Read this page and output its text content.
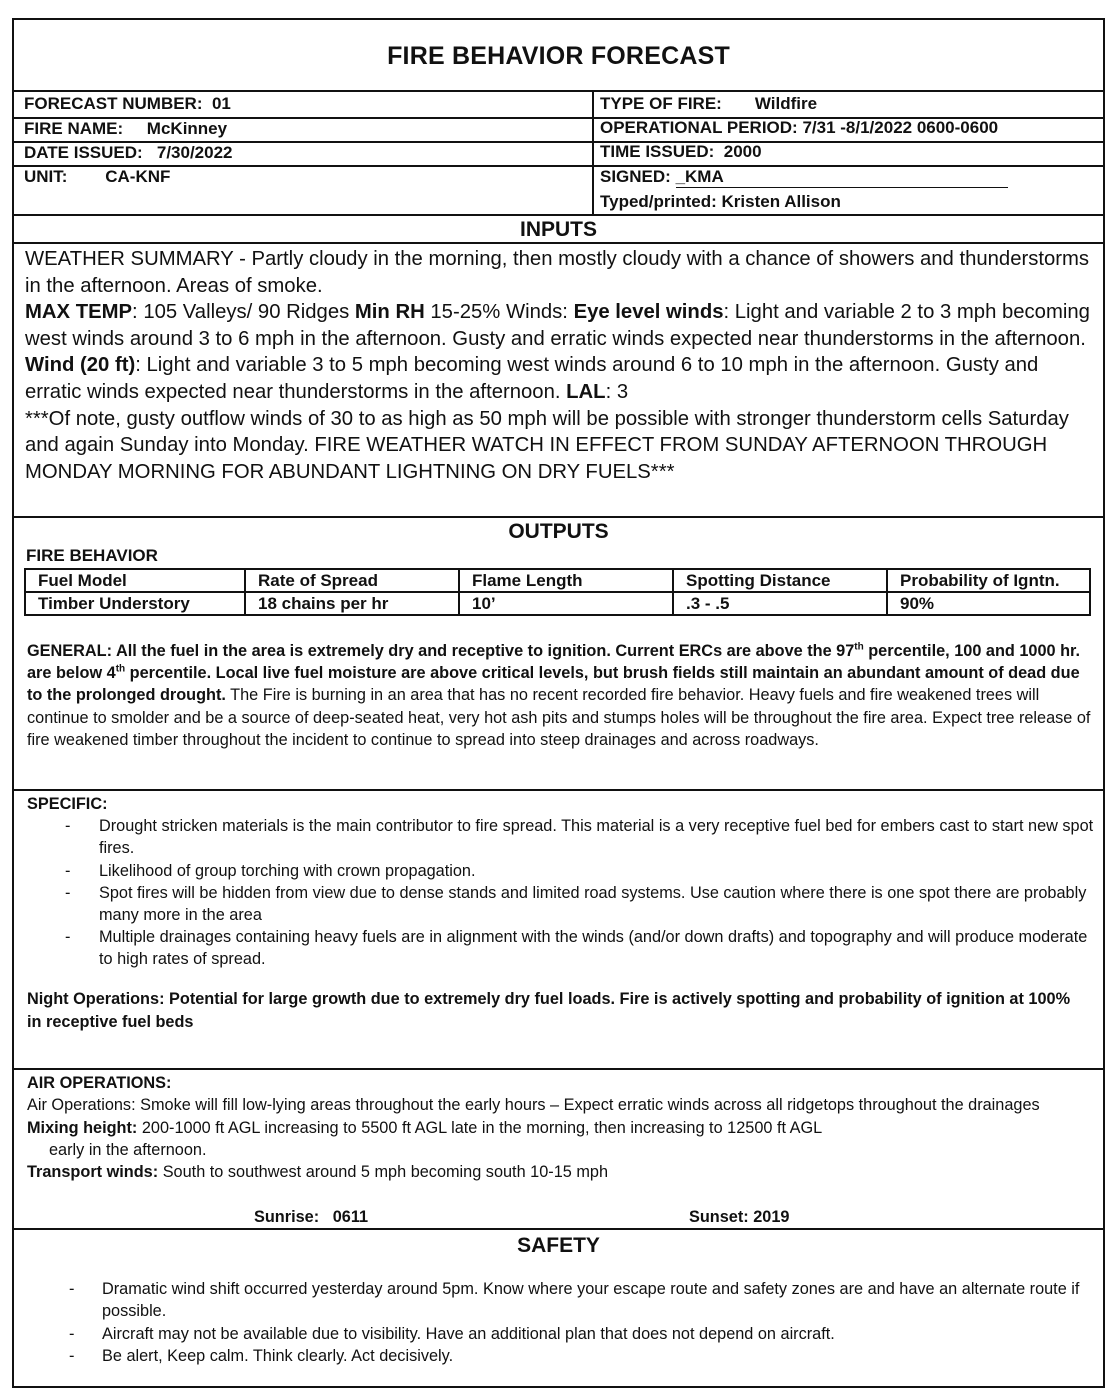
FIRE BEHAVIOR FORECAST
FORECAST NUMBER: 01
FIRE NAME: McKinney
DATE ISSUED: 7/30/2022
UNIT: CA-KNF
TYPE OF FIRE: Wildfire
OPERATIONAL PERIOD: 7/31 -8/1/2022 0600-0600
TIME ISSUED: 2000
SIGNED: _KMA
Typed/printed: Kristen Allison
INPUTS

WEATHER SUMMARY - Partly cloudy in the morning, then mostly cloudy with a chance of showers and thunderstorms in the afternoon. Areas of smoke.

MAX TEMP: 105 Valleys/ 90 Ridges Min RH 15-25% Winds: Eye level winds: Light and variable 2 to 3 mph becoming west winds around 3 to 6 mph in the afternoon. Gusty and erratic winds expected near thunderstorms in the afternoon. Wind (20 ft): Light and variable 3 to 5 mph becoming west winds around 6 to 10 mph in the afternoon. Gusty and erratic winds expected near thunderstorms in the afternoon. LAL: 3

***Of note, gusty outflow winds of 30 to as high as 50 mph will be possible with stronger thunderstorm cells Saturday and again Sunday into Monday. FIRE WEATHER WATCH IN EFFECT FROM SUNDAY AFTERNOON THROUGH MONDAY MORNING FOR ABUNDANT LIGHTNING ON DRY FUELS***

OUTPUTS
FIRE BEHAVIOR
Fuel Model	Rate of Spread	Flame Length	Spotting Distance	Probability of Igntn.
Timber Understory	18 chains per hr	10’	.3 - .5	90%

GENERAL: All the fuel in the area is extremely dry and receptive to ignition. Current ERCs are above the 97th percentile, 100 and 1000 hr. are below 4th percentile. Local live fuel moisture are above critical levels, but brush fields still maintain an abundant amount of dead due to the prolonged drought. The Fire is burning in an area that has no recent recorded fire behavior. Heavy fuels and fire weakened trees will continue to smolder and be a source of deep-seated heat, very hot ash pits and stumps holes will be throughout the fire area. Expect tree release of fire weakened timber throughout the incident to continue to spread into steep drainages and across roadways.

SPECIFIC:
- Drought stricken materials is the main contributor to fire spread. This material is a very receptive fuel bed for embers cast to start new spot fires.
- Likelihood of group torching with crown propagation.
- Spot fires will be hidden from view due to dense stands and limited road systems. Use caution where there is one spot there are probably many more in the area
- Multiple drainages containing heavy fuels are in alignment with the winds (and/or down drafts) and topography and will produce moderate to high rates of spread.
Night Operations: Potential for large growth due to extremely dry fuel loads. Fire is actively spotting and probability of ignition at 100% in receptive fuel beds
AIR OPERATIONS:

Air Operations: Smoke will fill low-lying areas throughout the early hours – Expect erratic winds across all ridgetops throughout the drainages

Mixing height: 200-1000 ft AGL increasing to 5500 ft AGL late in the morning, then increasing to 12500 ft AGL

early in the afternoon.

Transport winds: South to southwest around 5 mph becoming south 10-15 mph

Sunrise: 0611	Sunset: 2019
SAFETY
- Dramatic wind shift occurred yesterday around 5pm. Know where your escape route and safety zones are and have an alternate route if possible.
- Aircraft may not be available due to visibility. Have an additional plan that does not depend on aircraft.
- Be alert, Keep calm. Think clearly. Act decisively.
